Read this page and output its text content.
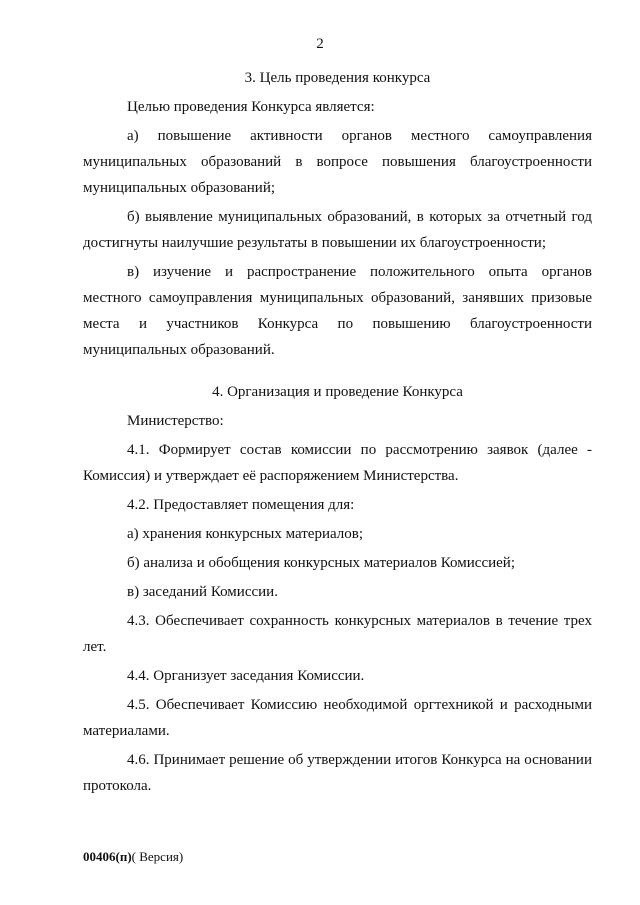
2
3. Цель проведения конкурса

Целью проведения Конкурса является:

а) повышение активности органов местного самоуправления муниципальных образований в вопросе повышения благоустроенности муниципальных образований;

б) выявление муниципальных образований, в которых за отчетный год достигнуты наилучшие результаты в повышении их благоустроенности;

в) изучение и распространение положительного опыта органов местного самоуправления муниципальных образований, занявших призовые места и участников Конкурса по повышению благоустроенности муниципальных образований.

4. Организация и проведение Конкурса

Министерство:

4.1. Формирует состав комиссии по рассмотрению заявок (далее - Комиссия) и утверждает её распоряжением Министерства.

4.2. Предоставляет помещения для:

а) хранения конкурсных материалов;

б) анализа и обобщения конкурсных материалов Комиссией;

в) заседаний Комиссии.

4.3. Обеспечивает сохранность конкурсных материалов в течение трех лет.

4.4. Организует заседания Комиссии.

4.5. Обеспечивает Комиссию необходимой оргтехникой и расходными материалами.

4.6. Принимает решение об утверждении итогов Конкурса на основании протокола.

00406(п)( Версия)
